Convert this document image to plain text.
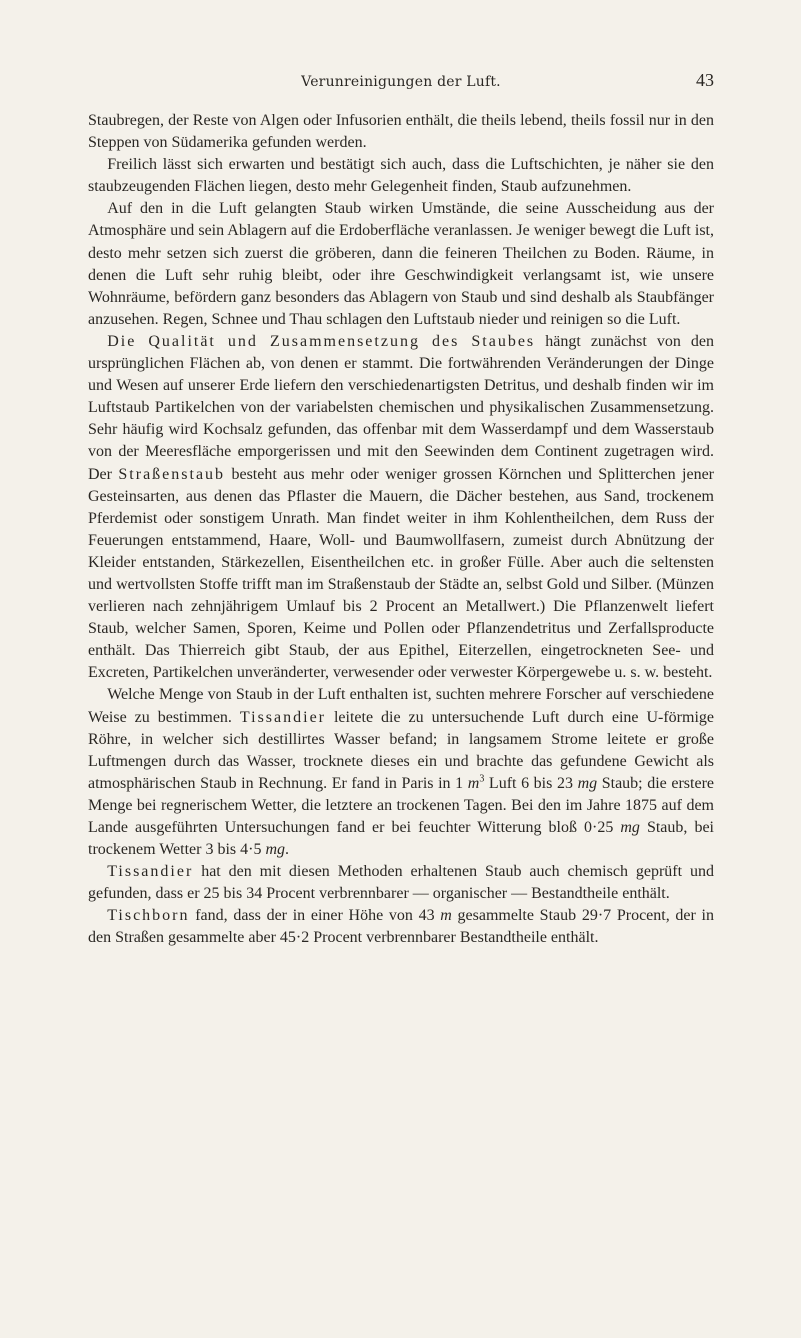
Verunreinigungen der Luft.	43

Staubregen, der Reste von Algen oder Infusorien enthält, die theils lebend, theils fossil nur in den Steppen von Südamerika gefunden werden.

Freilich lässt sich erwarten und bestätigt sich auch, dass die Luftschichten, je näher sie den staubzeugenden Flächen liegen, desto mehr Gelegenheit finden, Staub aufzunehmen.

Auf den in die Luft gelangten Staub wirken Umstände, die seine Ausscheidung aus der Atmosphäre und sein Ablagern auf die Erdoberfläche veranlassen. Je weniger bewegt die Luft ist, desto mehr setzen sich zuerst die gröberen, dann die feineren Theilchen zu Boden. Räume, in denen die Luft sehr ruhig bleibt, oder ihre Geschwindigkeit verlangsamt ist, wie unsere Wohnräume, befördern ganz besonders das Ablagern von Staub und sind deshalb als Staubfänger anzusehen. Regen, Schnee und Thau schlagen den Luftstaub nieder und reinigen so die Luft.

Die Qualität und Zusammensetzung des Staubes hängt zunächst von den ursprünglichen Flächen ab, von denen er stammt. Die fortwährenden Veränderungen der Dinge und Wesen auf unserer Erde liefern den verschiedenartigsten Detritus, und deshalb finden wir im Luftstaub Partikelchen von der variabelsten chemischen und physikalischen Zusammensetzung. Sehr häufig wird Kochsalz gefunden, das offenbar mit dem Wasserdampf und dem Wasserstaub von der Meeresfläche emporgerissen und mit den Seewinden dem Continent zugetragen wird. Der Straßenstaub besteht aus mehr oder weniger grossen Körnchen und Splitterchen jener Gesteinsarten, aus denen das Pflaster die Mauern, die Dächer bestehen, aus Sand, trockenem Pferdemist oder sonstigem Unrath. Man findet weiter in ihm Kohlentheilchen, dem Russ der Feuerungen entstammend, Haare, Woll- und Baumwollfasern, zumeist durch Abnützung der Kleider entstanden, Stärkezellen, Eisentheilchen etc. in großer Fülle. Aber auch die seltensten und wertvollsten Stoffe trifft man im Straßenstaub der Städte an, selbst Gold und Silber. (Münzen verlieren nach zehnjährigem Umlauf bis 2 Procent an Metallwert.) Die Pflanzenwelt liefert Staub, welcher Samen, Sporen, Keime und Pollen oder Pflanzendetritus und Zerfallsproducte enthält. Das Thierreich gibt Staub, der aus Epithel, Eiterzellen, eingetrockneten See- und Excreten, Partikelchen unveränderter, verwesender oder verwester Körpergewebe u. s. w. besteht.

Welche Menge von Staub in der Luft enthalten ist, suchten mehrere Forscher auf verschiedene Weise zu bestimmen. Tissandier leitete die zu untersuchende Luft durch eine U-förmige Röhre, in welcher sich destillirtes Wasser befand; in langsamem Strome leitete er große Luftmengen durch das Wasser, trocknete dieses ein und brachte das gefundene Gewicht als atmosphärischen Staub in Rechnung. Er fand in Paris in 1 $m^3$ Luft 6 bis 23 mg Staub; die erstere Menge bei regnerischem Wetter, die letztere an trockenen Tagen. Bei den im Jahre 1875 auf dem Lande ausgeführten Untersuchungen fand er bei feuchter Witterung bloß 0·25 mg Staub, bei trockenem Wetter 3 bis 4·5 mg.

Tissandier hat den mit diesen Methoden erhaltenen Staub auch chemisch geprüft und gefunden, dass er 25 bis 34 Procent verbrennbarer — organischer — Bestandtheile enthält.

Tischborn fand, dass der in einer Höhe von 43 m gesammelte Staub 29·7 Procent, der in den Straßen gesammelte aber 45·2 Procent verbrennbarer Bestandtheile enthält.
